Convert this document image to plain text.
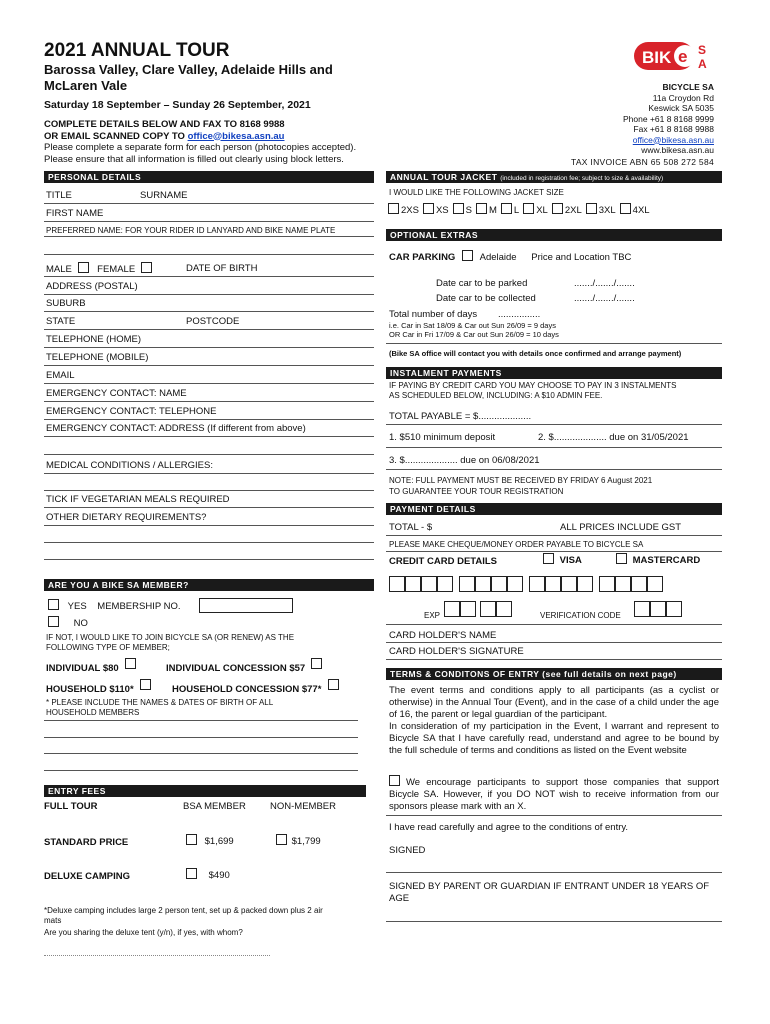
2021 ANNUAL TOUR
Barossa Valley, Clare Valley, Adelaide Hills and
McLaren Vale
Saturday 18 September – Sunday 26 September, 2021
COMPLETE DETAILS BELOW AND FAX TO 8168 9988
OR EMAIL SCANNED COPY TO office@bikesa.asn.au
Please complete a separate form for each person (photocopies accepted).
Please ensure that all information is filled out clearly using block letters.
BIK e S
A
BICYCLE SA
11a Croydon Rd
Keswick SA 5035
Phone +61 8 8168 9999
Fax +61 8 8168 9988
office@bikesa.asn.au
www.bikesa.asn.au
TAX INVOICE ABN 65 508 272 584
PERSONAL DETAILS
TITLE	SURNAME
FIRST NAME
PREFERRED NAME: FOR YOUR RIDER ID LANYARD AND BIKE NAME PLATE
MALE	FEMALE	DATE OF BIRTH
ADDRESS (POSTAL)
SUBURB
STATE	POSTCODE
TELEPHONE (HOME)
TELEPHONE (MOBILE)
EMAIL
EMERGENCY CONTACT: NAME
EMERGENCY CONTACT: TELEPHONE
EMERGENCY CONTACT: ADDRESS (If different from above)
MEDICAL CONDITIONS / ALLERGIES:
TICK IF VEGETARIAN MEALS REQUIRED
OTHER DIETARY REQUIREMENTS?
ARE YOU A BIKE SA MEMBER?
YES MEMBERSHIP NO.
NO
IF NOT, I WOULD LIKE TO JOIN BICYCLE SA (OR RENEW) AS THE
FOLLOWING TYPE OF MEMBER;
INDIVIDUAL $80	INDIVIDUAL CONCESSION $57
HOUSEHOLD $110*	HOUSEHOLD CONCESSION $77*
* PLEASE INCLUDE THE NAMES & DATES OF BIRTH OF ALL
HOUSEHOLD MEMBERS
ENTRY FEES
FULL TOUR	BSA MEMBER	NON-MEMBER
STANDARD PRICE	$1,699	$1,799
DELUXE CAMPING	$490
*Deluxe camping includes large 2 person tent, set up & packed down plus 2 air
mats
Are you sharing the deluxe tent (y/n), if yes, with whom?
ANNUAL TOUR JACKET (included in registration fee; subject to size & availability)
I WOULD LIKE THE FOLLOWING JACKET SIZE
2XS	XS	S	M	L	XL	2XL	3XL	4XL
OPTIONAL EXTRAS
CAR PARKING	Adelaide Price and Location TBC
Date car to be parked	......./......./.......
Date car to be collected	......./......./.......
Total number of days ................
i.e. Car in Sat 18/09 & Car out Sun 26/09 = 9 days
OR Car in Fri 17/09 & Car out Sun 26/09 = 10 days
(Bike SA office will contact you with details once confirmed and arrange payment)
INSTALMENT PAYMENTS
IF PAYING BY CREDIT CARD YOU MAY CHOOSE TO PAY IN 3 INSTALMENTS
AS SCHEDULED BELOW, INCLUDING: A $10 ADMIN FEE.
TOTAL PAYABLE = $....................
1. $510 minimum deposit	2. $.................... due on 31/05/2021
3. $.................... due on 06/08/2021
NOTE: FULL PAYMENT MUST BE RECEIVED BY FRIDAY 6 August 2021
TO GUARANTEE YOUR TOUR REGISTRATION
PAYMENT DETAILS
TOTAL - $	ALL PRICES INCLUDE GST
PLEASE MAKE CHEQUE/MONEY ORDER PAYABLE TO BICYCLE SA
CREDIT CARD DETAILS	VISA	MASTERCARD
EXP	VERIFICATION CODE
CARD HOLDER'S NAME
CARD HOLDER'S SIGNATURE
TERMS & CONDITONS OF ENTRY (see full details on next page)
The event terms and conditions apply to all participants (as a cyclist or otherwise) in the Annual Tour (Event), and in the case of a child under the age of 16, the parent or legal guardian of the participant.
In consideration of my participation in the Event, I warrant and represent to Bicycle SA that I have carefully read, understand and agree to be bound by the full schedule of terms and conditions as listed on the Event website
We encourage participants to support those companies that support Bicycle SA. However, if you DO NOT wish to receive information from our sponsors please mark with an X.
I have read carefully and agree to the conditions of entry.
SIGNED
SIGNED BY PARENT OR GUARDIAN IF ENTRANT UNDER 18 YEARS OF AGE
